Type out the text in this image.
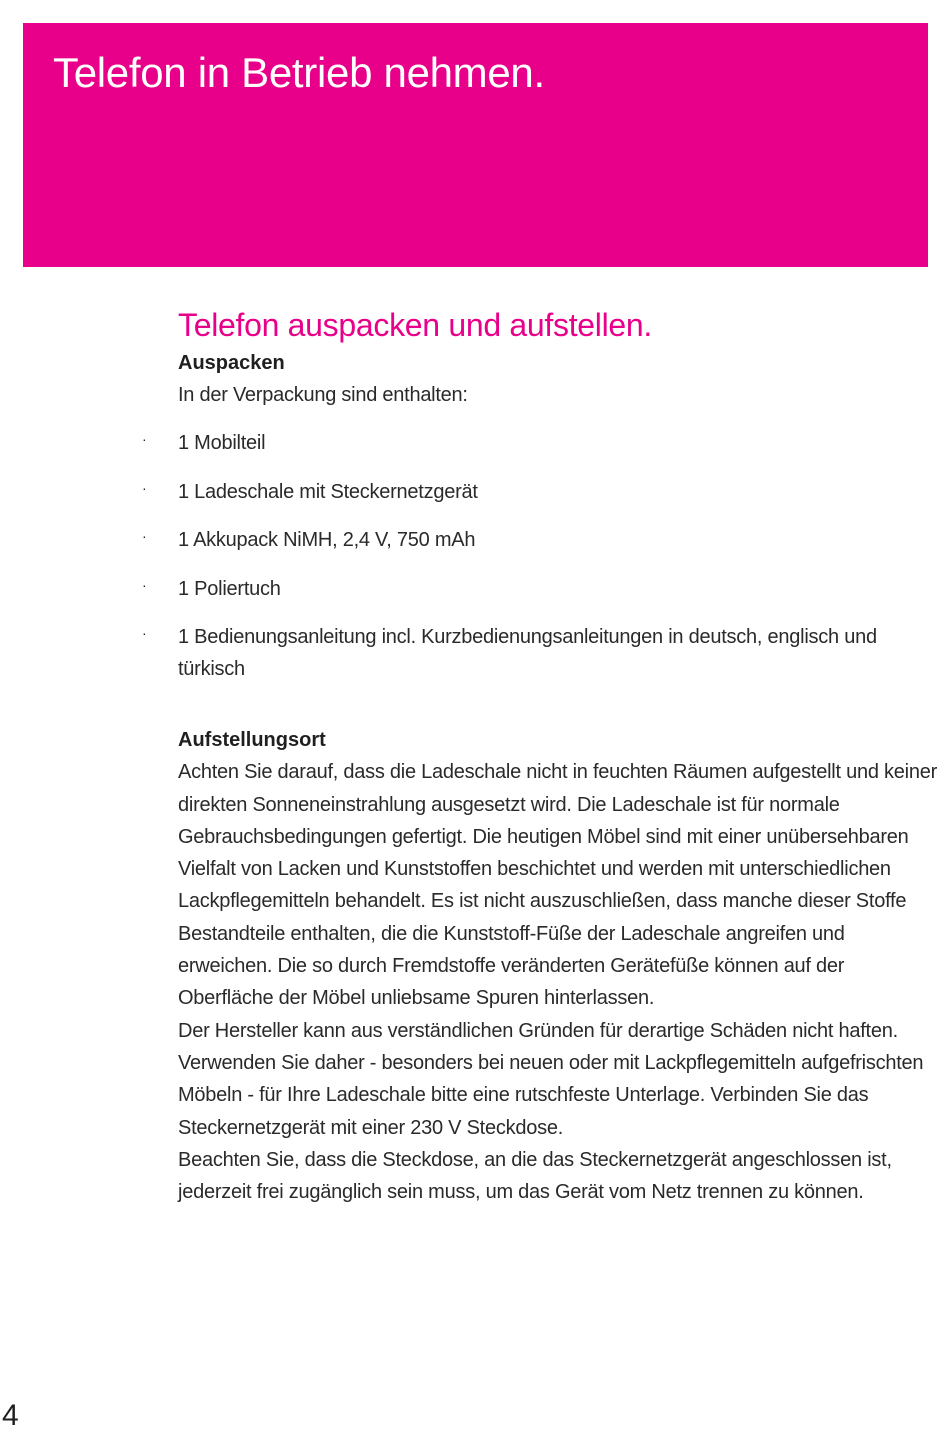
Telefon in Betrieb nehmen.
Telefon auspacken und aufstellen.
Auspacken

In der Verpackung sind enthalten:

· 1 Mobilteil
· 1 Ladeschale mit Steckernetzgerät
· 1 Akkupack NiMH, 2,4 V, 750 mAh
· 1 Poliertuch
· 1 Bedienungsanleitung incl. Kurzbedienungsanleitungen in deutsch, englisch und türkisch
Aufstellungsort

Achten Sie darauf, dass die Ladeschale nicht in feuchten Räumen aufgestellt und keiner direkten Sonneneinstrahlung ausgesetzt wird. Die Ladeschale ist für normale Gebrauchsbedingungen gefertigt. Die heutigen Möbel sind mit einer unübersehbaren Vielfalt von Lacken und Kunststoffen beschichtet und werden mit unterschiedlichen Lackpflegemitteln behandelt. Es ist nicht auszuschließen, dass manche dieser Stoffe Bestandteile enthalten, die die Kunststoff-Füße der Ladeschale angreifen und erweichen. Die so durch Fremdstoffe veränderten Gerätefüße können auf der Oberfläche der Möbel unliebsame Spuren hinterlassen.

Der Hersteller kann aus verständlichen Gründen für derartige Schäden nicht haften. Verwenden Sie daher - besonders bei neuen oder mit Lackpflegemitteln aufgefrischten Möbeln - für Ihre Ladeschale bitte eine rutschfeste Unterlage. Verbinden Sie das Steckernetzgerät mit einer 230 V Steckdose.

Beachten Sie, dass die Steckdose, an die das Steckernetzgerät angeschlossen ist, jederzeit frei zugänglich sein muss, um das Gerät vom Netz trennen zu können.

4
